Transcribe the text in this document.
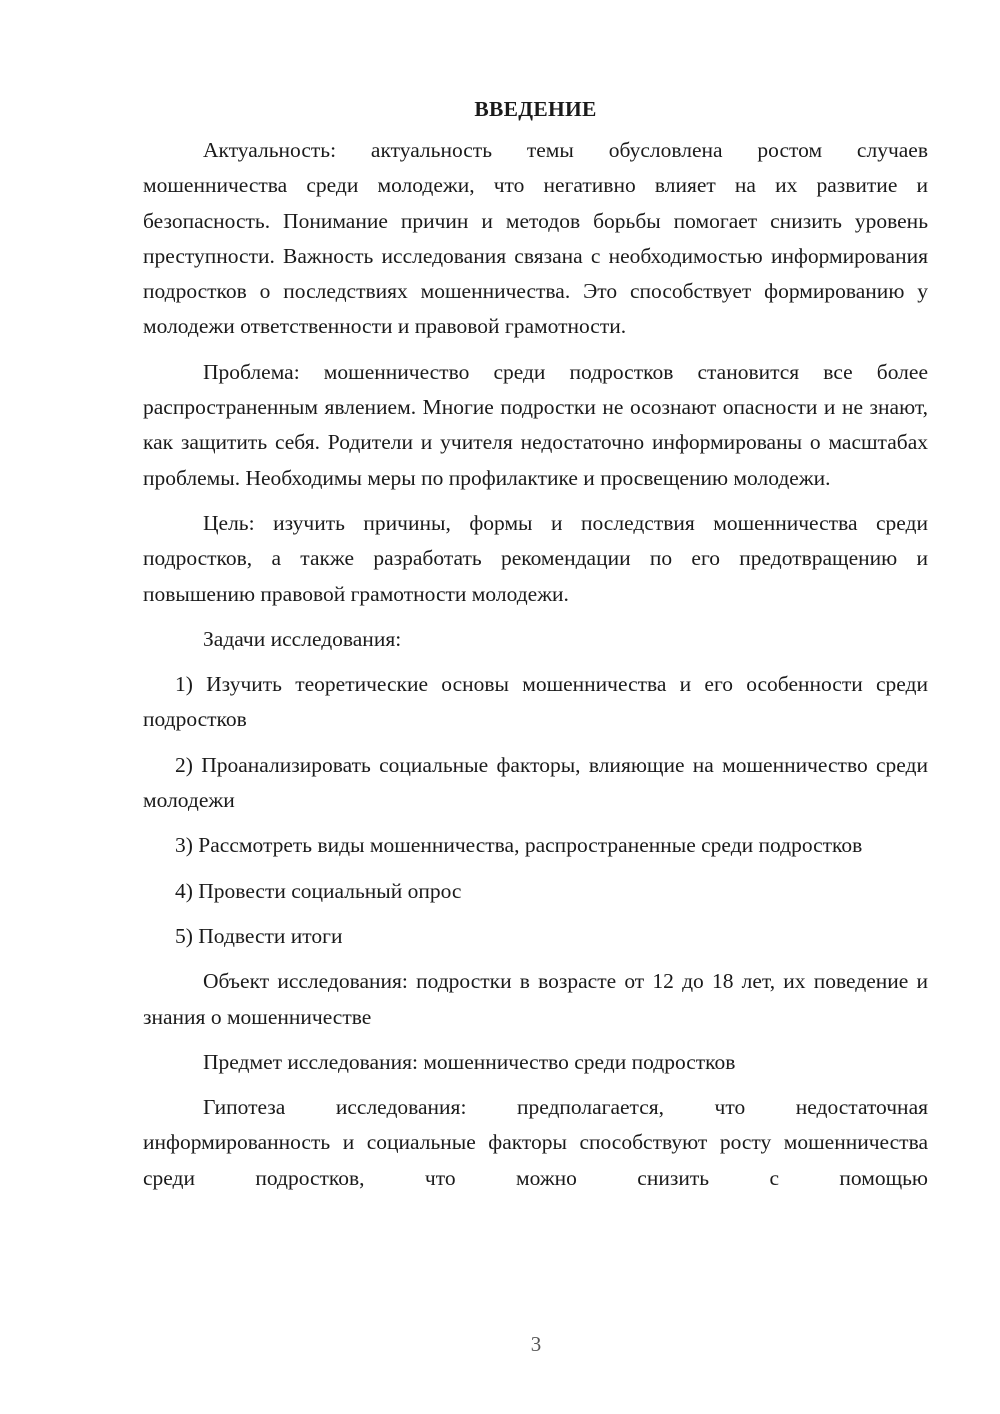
ВВЕДЕНИЕ

Актуальность: актуальность темы обусловлена ростом случаев мошенничества среди молодежи, что негативно влияет на их развитие и безопасность. Понимание причин и методов борьбы помогает снизить уровень преступности. Важность исследования связана с необходимостью информирования подростков о последствиях мошенничества. Это способствует формированию у молодежи ответственности и правовой грамотности.

Проблема: мошенничество среди подростков становится все более распространенным явлением. Многие подростки не осознают опасности и не знают, как защитить себя. Родители и учителя недостаточно информированы о масштабах проблемы. Необходимы меры по профилактике и просвещению молодежи.

Цель: изучить причины, формы и последствия мошенничества среди подростков, а также разработать рекомендации по его предотвращению и повышению правовой грамотности молодежи.

Задачи исследования:

1) Изучить теоретические основы мошенничества и его особенности среди подростков

2) Проанализировать социальные факторы, влияющие на мошенничество среди молодежи

3) Рассмотреть виды мошенничества, распространенные среди подростков

4) Провести социальный опрос

5) Подвести итоги

Объект исследования: подростки в возрасте от 12 до 18 лет, их поведение и знания о мошенничестве

Предмет исследования: мошенничество среди подростков

Гипотеза исследования: предполагается, что недостаточная информированность и социальные факторы способствуют росту мошенничества среди подростков, что можно снизить с помощью

3
